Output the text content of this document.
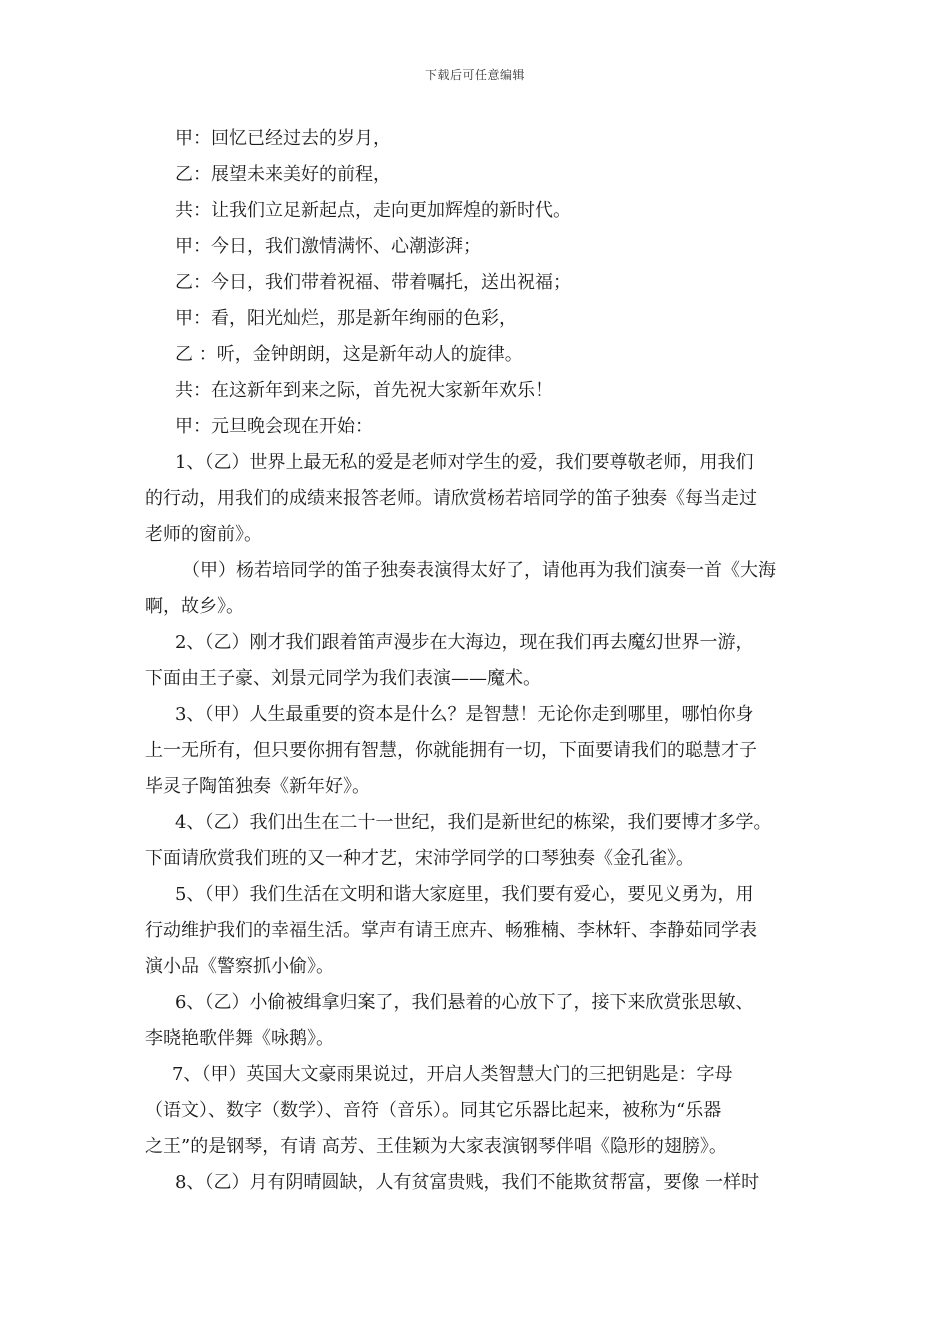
下载后可任意编辑
甲：回忆已经过去的岁月，
乙：展望未来美好的前程，
共：让我们立足新起点，走向更加辉煌的新时代。
甲：今日，我们激情满怀、心潮澎湃；
乙：今日，我们带着祝福、带着嘱托，送出祝福；
甲：看，阳光灿烂，那是新年绚丽的色彩，
乙 ：听，金钟朗朗，这是新年动人的旋律。
共：在这新年到来之际，首先祝大家新年欢乐！
甲：元旦晚会现在开始：
1、（乙）世界上最无私的爱是老师对学生的爱，我们要尊敬老师，用我们
的行动，用我们的成绩来报答老师。请欣赏杨若培同学的笛子独奏《每当走过
老师的窗前》。
（甲）杨若培同学的笛子独奏表演得太好了，请他再为我们演奏一首《大海
啊，故乡》。
2、（乙）刚才我们跟着笛声漫步在大海边，现在我们再去魔幻世界一游，
下面由王子豪、刘景元同学为我们表演——魔术。
3、（甲）人生最重要的资本是什么？是智慧！无论你走到哪里，哪怕你身
上一无所有，但只要你拥有智慧，你就能拥有一切，下面要请我们的聪慧才子
毕灵子陶笛独奏《新年好》。
4、（乙）我们出生在二十一世纪，我们是新世纪的栋梁，我们要博才多学。
下面请欣赏我们班的又一种才艺，宋沛学同学的口琴独奏《金孔雀》。
5、（甲）我们生活在文明和谐大家庭里，我们要有爱心，要见义勇为，用
行动维护我们的幸福生活。掌声有请王庶卉、畅雅楠、李林轩、李静茹同学表
演小品《警察抓小偷》。
6、（乙）小偷被缉拿归案了，我们悬着的心放下了，接下来欣赏张思敏、
李晓艳歌伴舞《咏鹅》。
7、（甲）英国大文豪雨果说过，开启人类智慧大门的三把钥匙是：字母
（语文）、数字（数学）、音符（音乐）。同其它乐器比起来，被称为“乐器
之王”的是钢琴，有请 高芳、王佳颖为大家表演钢琴伴唱《隐形的翅膀》。
8、（乙）月有阴晴圆缺，人有贫富贵贱，我们不能欺贫帮富，要像 一样时
